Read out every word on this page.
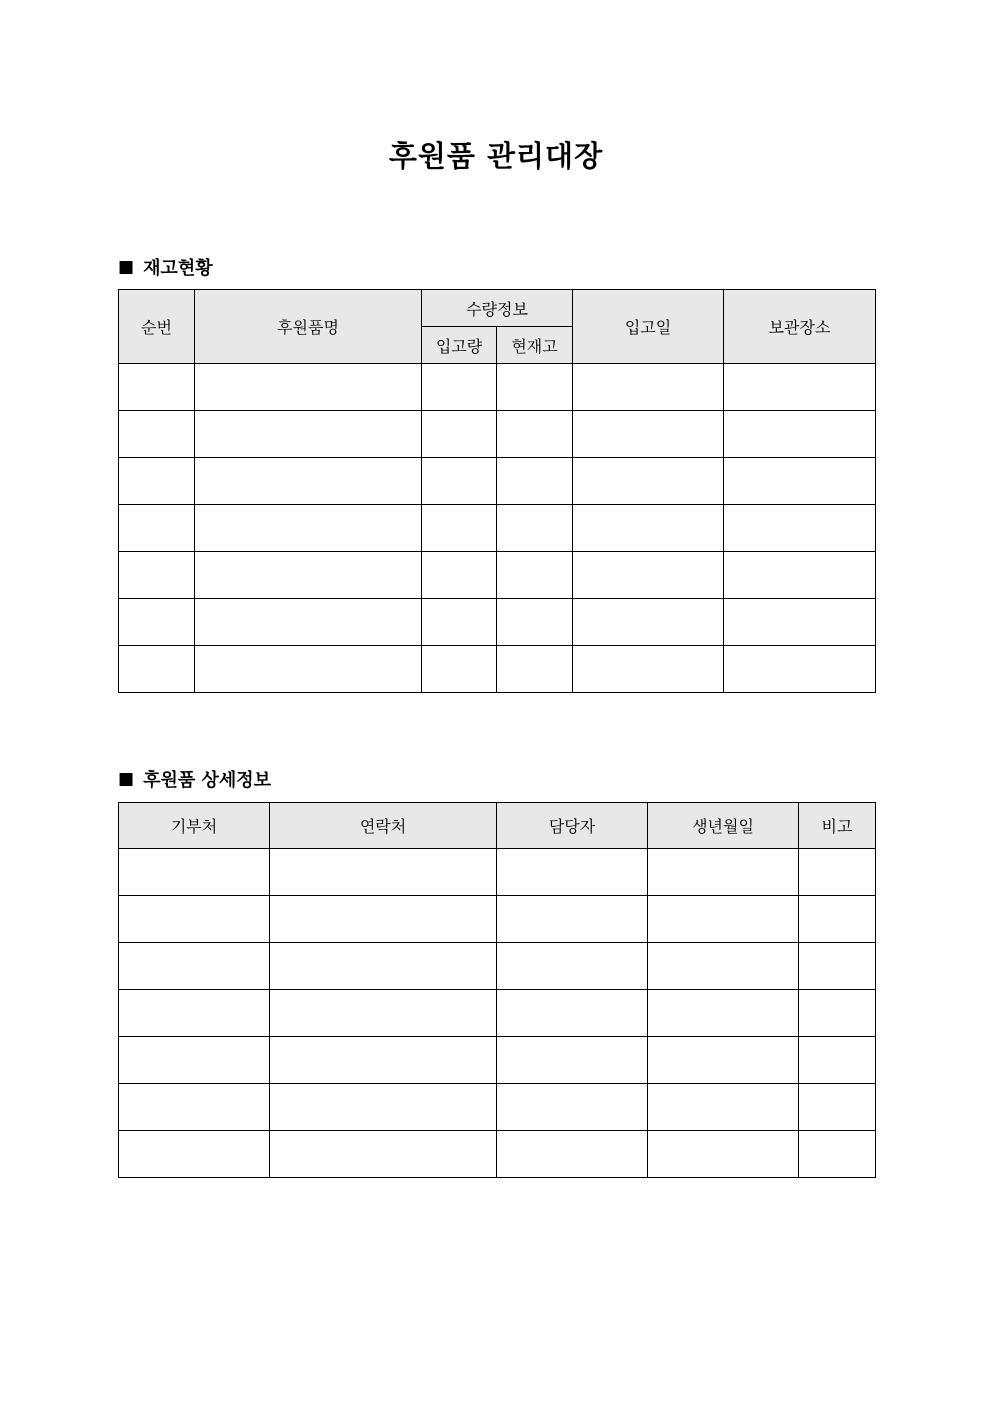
후원품 관리대장
■ 재고현황
순번	후원품명	수량정보		입고일	보관장소
		입고량	현재고		

■ 후원품 상세정보
기부처	연락처	담당자	생년월일	비고
